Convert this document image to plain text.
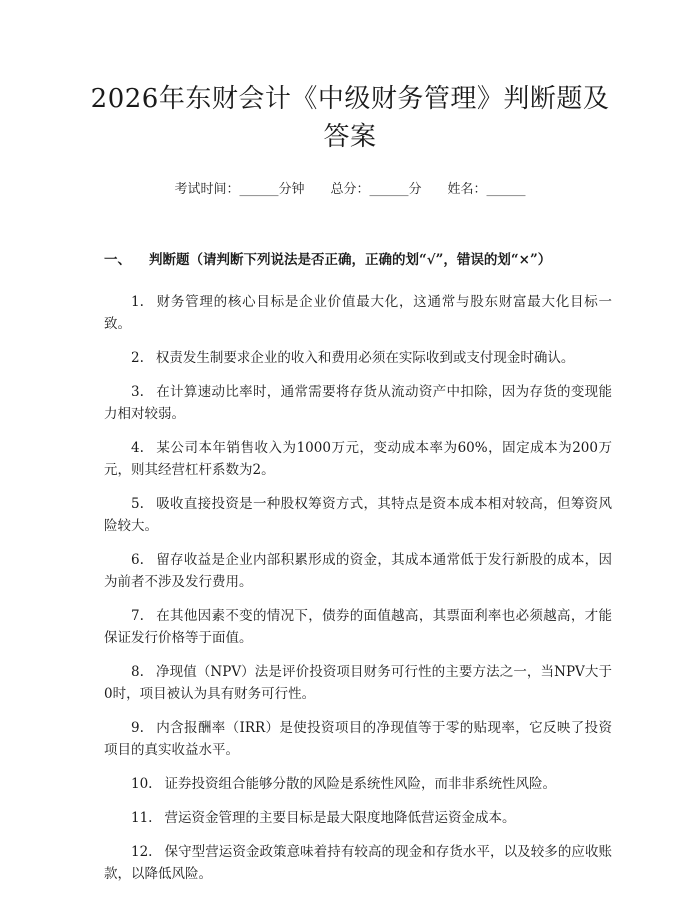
2026年东财会计《中级财务管理》判断题及答案
考试时间：______分钟 总分：______分 姓名：______
一、 判断题（请判断下列说法是否正确，正确的划“√”，错误的划“×”）
1. 财务管理的核心目标是企业价值最大化，这通常与股东财富最大化目标一致。
2. 权责发生制要求企业的收入和费用必须在实际收到或支付现金时确认。
3. 在计算速动比率时，通常需要将存货从流动资产中扣除，因为存货的变现能力相对较弱。
4. 某公司本年销售收入为1000万元，变动成本率为60%，固定成本为200万元，则其经营杠杆系数为2。
5. 吸收直接投资是一种股权筹资方式，其特点是资本成本相对较高，但筹资风险较大。
6. 留存收益是企业内部积累形成的资金，其成本通常低于发行新股的成本，因为前者不涉及发行费用。
7. 在其他因素不变的情况下，债券的面值越高，其票面利率也必须越高，才能保证发行价格等于面值。
8. 净现值（NPV）法是评价投资项目财务可行性的主要方法之一，当NPV大于0时，项目被认为具有财务可行性。
9. 内含报酬率（IRR）是使投资项目的净现值等于零的贴现率，它反映了投资项目的真实收益水平。
10. 证券投资组合能够分散的风险是系统性风险，而非非系统性风险。
11. 营运资金管理的主要目标是最大限度地降低营运资金成本。
12. 保守型营运资金政策意味着持有较高的现金和存货水平，以及较多的应收账款，以降低风险。
